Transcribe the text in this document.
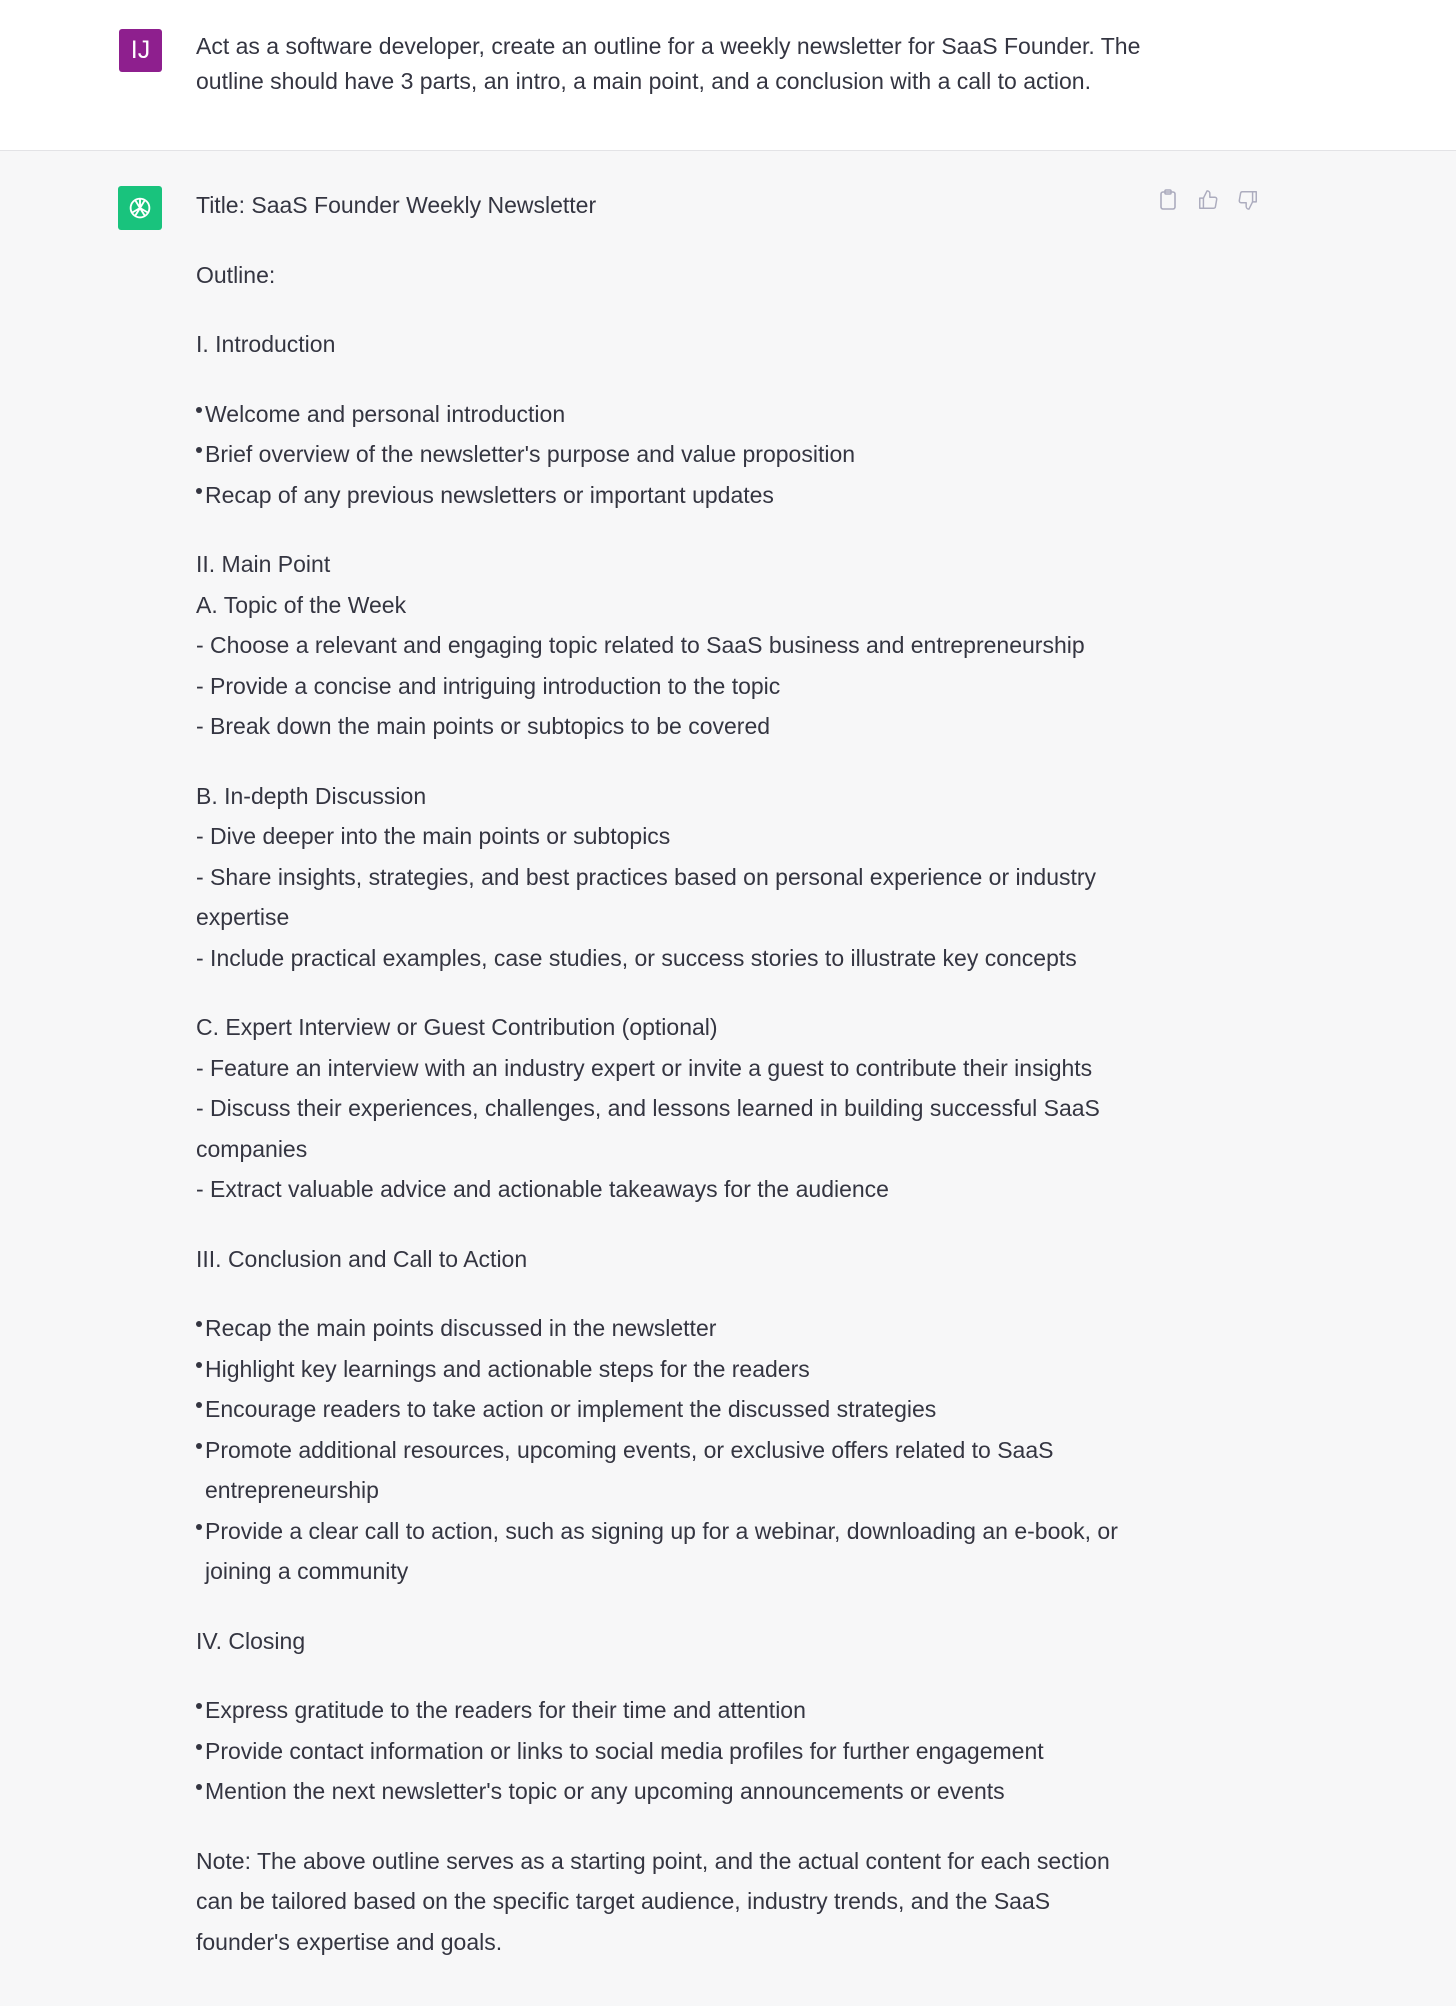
IJ	Act as a software developer, create an outline for a weekly newsletter for SaaS Founder. The outline should have 3 parts, an intro, a main point, and a conclusion with a call to action.

Title: SaaS Founder Weekly Newsletter

Outline:

I. Introduction

Welcome and personal introduction
Brief overview of the newsletter's purpose and value proposition
Recap of any previous newsletters or important updates
II. Main Point
A. Topic of the Week
- Choose a relevant and engaging topic related to SaaS business and entrepreneurship
- Provide a concise and intriguing introduction to the topic
- Break down the main points or subtopics to be covered
B. In-depth Discussion
- Dive deeper into the main points or subtopics
- Share insights, strategies, and best practices based on personal experience or industry expertise
- Include practical examples, case studies, or success stories to illustrate key concepts
C. Expert Interview or Guest Contribution (optional)
- Feature an interview with an industry expert or invite a guest to contribute their insights
- Discuss their experiences, challenges, and lessons learned in building successful SaaS companies
- Extract valuable advice and actionable takeaways for the audience

III. Conclusion and Call to Action

Recap the main points discussed in the newsletter
Highlight key learnings and actionable steps for the readers
Encourage readers to take action or implement the discussed strategies
Promote additional resources, upcoming events, or exclusive offers related to SaaS entrepreneurship
Provide a clear call to action, such as signing up for a webinar, downloading an e-book, or joining a community

IV. Closing

Express gratitude to the readers for their time and attention
Provide contact information or links to social media profiles for further engagement
Mention the next newsletter's topic or any upcoming announcements or events

Note: The above outline serves as a starting point, and the actual content for each section can be tailored based on the specific target audience, industry trends, and the SaaS founder's expertise and goals.
